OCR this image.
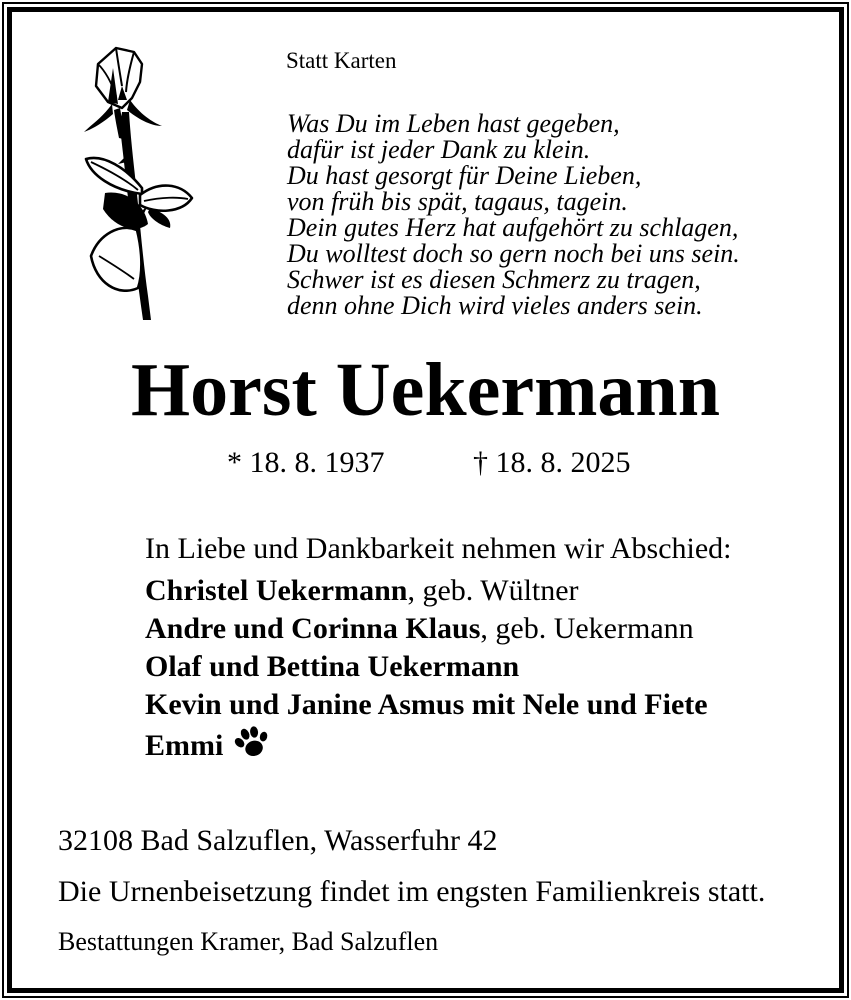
Statt Karten
Was Du im Leben hast gegeben,
dafür ist jeder Dank zu klein.
Du hast gesorgt für Deine Lieben,
von früh bis spät, tagaus, tagein.
Dein gutes Herz hat aufgehört zu schlagen,
Du wolltest doch so gern noch bei uns sein.
Schwer ist es diesen Schmerz zu tragen,
denn ohne Dich wird vieles anders sein.
Horst Uekermann
* 18. 8. 1937	† 18. 8. 2025
In Liebe und Dankbarkeit nehmen wir Abschied:
Christel Uekermann, geb. Wültner
Andre und Corinna Klaus, geb. Uekermann
Olaf und Bettina Uekermann
Kevin und Janine Asmus mit Nele und Fiete
Emmi
32108 Bad Salzuflen, Wasserfuhr 42
Die Urnenbeisetzung findet im engsten Familienkreis statt.
Bestattungen Kramer, Bad Salzuflen
